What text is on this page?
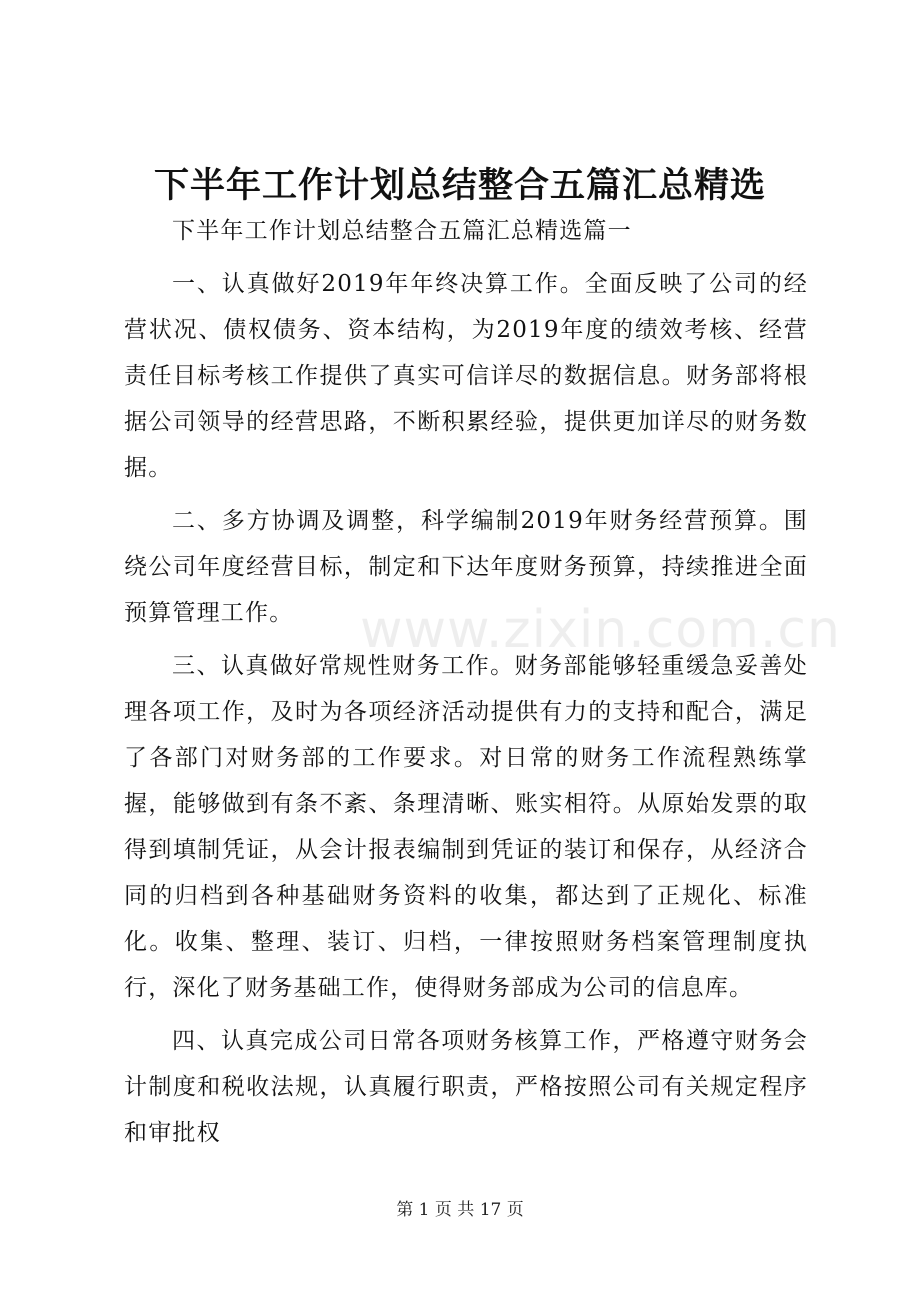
下半年工作计划总结整合五篇汇总精选

下半年工作计划总结整合五篇汇总精选篇一

一、认真做好2019年年终决算工作。全面反映了公司的经营状况、债权债务、资本结构，为2019年度的绩效考核、经营责任目标考核工作提供了真实可信详尽的数据信息。财务部将根据公司领导的经营思路，不断积累经验，提供更加详尽的财务数据。

二、多方协调及调整，科学编制2019年财务经营预算。围绕公司年度经营目标，制定和下达年度财务预算，持续推进全面预算管理工作。

三、认真做好常规性财务工作。财务部能够轻重缓急妥善处理各项工作，及时为各项经济活动提供有力的支持和配合，满足了各部门对财务部的工作要求。对日常的财务工作流程熟练掌握，能够做到有条不紊、条理清晰、账实相符。从原始发票的取得到填制凭证，从会计报表编制到凭证的装订和保存，从经济合同的归档到各种基础财务资料的收集，都达到了正规化、标准化。收集、整理、装订、归档，一律按照财务档案管理制度执行，深化了财务基础工作，使得财务部成为公司的信息库。

四、认真完成公司日常各项财务核算工作，严格遵守财务会计制度和税收法规，认真履行职责，严格按照公司有关规定程序和审批权

www.zixin.com.cn
第 1 页 共 17 页
